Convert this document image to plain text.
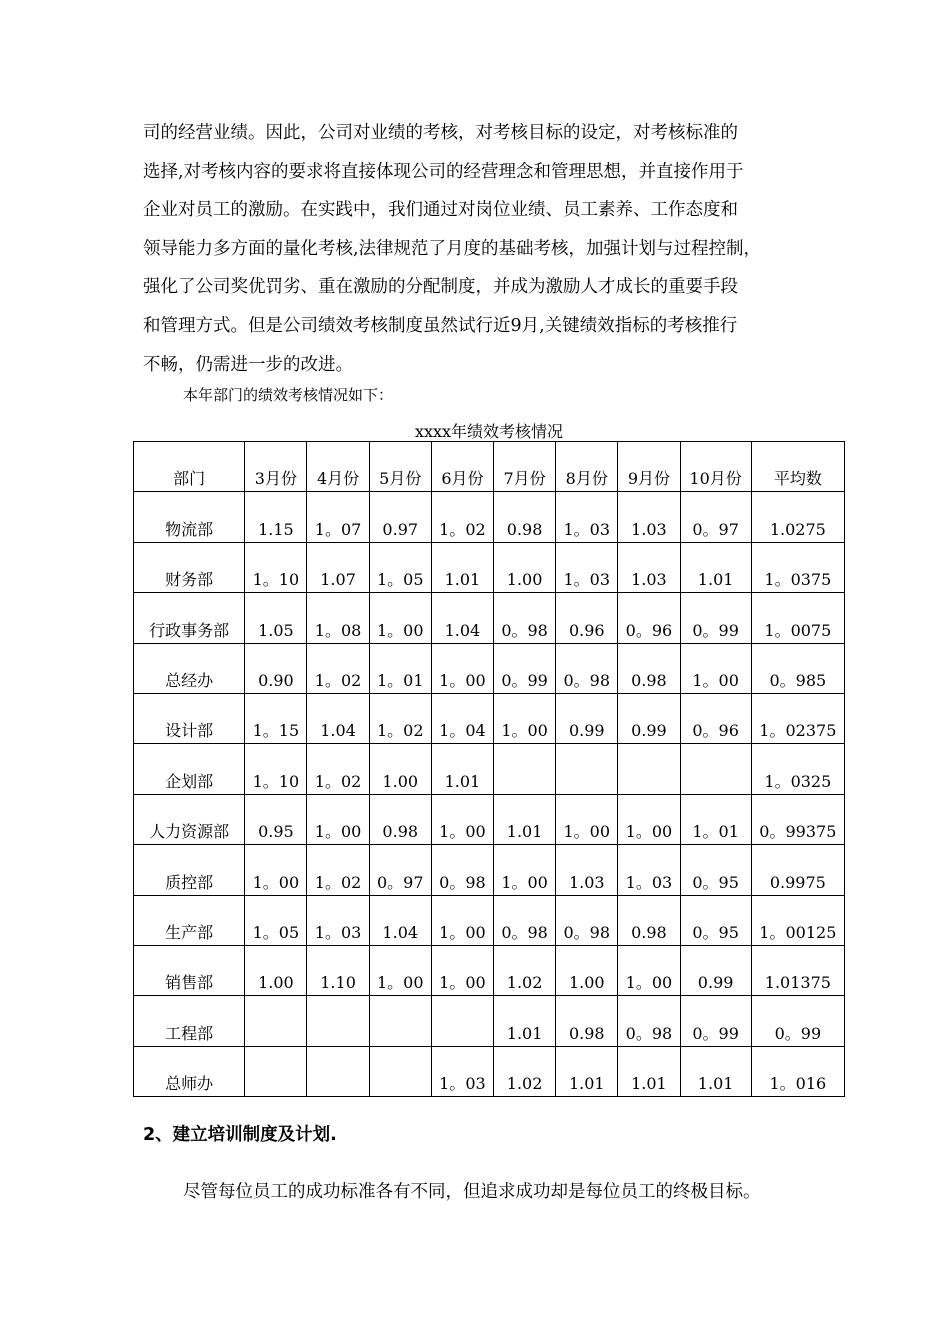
司的经营业绩。因此，公司对业绩的考核，对考核目标的设定，对考核标准的
选择,对考核内容的要求将直接体现公司的经营理念和管理思想，并直接作用于
企业对员工的激励。在实践中，我们通过对岗位业绩、员工素养、工作态度和
领导能力多方面的量化考核,法律规范了月度的基础考核，加强计划与过程控制，
强化了公司奖优罚劣、重在激励的分配制度，并成为激励人才成长的重要手段
和管理方式。但是公司绩效考核制度虽然试行近9月,关键绩效指标的考核推行
不畅，仍需进一步的改进。

本年部门的绩效考核情况如下：

xxxx年绩效考核情况

部门	3月份	4月份	5月份	6月份	7月份	8月份	9月份	10月份	平均数
物流部	1.15	1。07	0.97	1。02	0.98	1。03	1.03	0。97	1.0275
财务部	1。10	1.07	1。05	1.01	1.00	1。03	1.03	1.01	1。0375
行政事务部	1.05	1。08	1。00	1.04	0。98	0.96	0。96	0。99	1。0075
总经办	0.90	1。02	1。01	1。00	0。99	0。98	0.98	1。00	0。985
设计部	1。15	1.04	1。02	1。04	1。00	0.99	0.99	0。96	1。02375
企划部	1。10	1。02	1.00	1.01					1。0325
人力资源部	0.95	1。00	0.98	1。00	1.01	1。00	1。00	1。01	0。99375
质控部	1。00	1。02	0。97	0。98	1。00	1.03	1。03	0。95	0.9975
生产部	1。05	1。03	1.04	1。00	0。98	0。98	0.98	0。95	1。00125
销售部	1.00	1.10	1。00	1。00	1.02	1.00	1。00	0.99	1.01375
工程部					1.01	0.98	0。98	0。99	0。99
总师办				1。03	1.02	1.01	1.01	1.01	1。016

2、建立培训制度及计划.

尽管每位员工的成功标准各有不同，但追求成功却是每位员工的终极目标。
